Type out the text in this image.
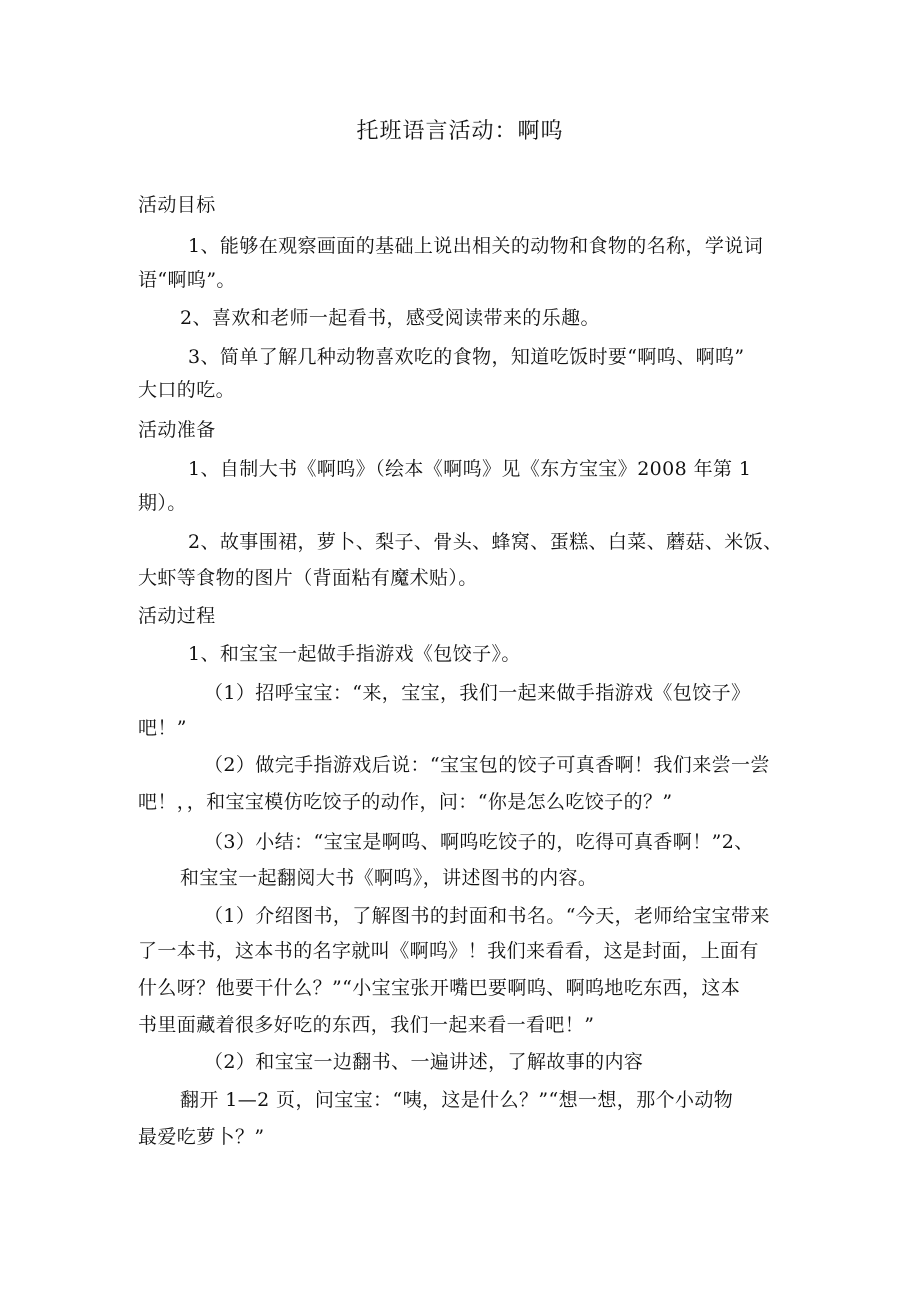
托班语言活动：啊呜
活动目标
1、能够在观察画面的基础上说出相关的动物和食物的名称，学说词
语“啊呜”。
2、喜欢和老师一起看书，感受阅读带来的乐趣。
3、简单了解几种动物喜欢吃的食物，知道吃饭时要“啊呜、啊呜”
大口的吃。
活动准备
1、自制大书《啊呜》（绘本《啊呜》见《东方宝宝》2008 年第 1
期）。
2、故事围裙，萝卜、梨子、骨头、蜂窝、蛋糕、白菜、蘑菇、米饭、
大虾等食物的图片（背面粘有魔术贴）。
活动过程
1、和宝宝一起做手指游戏《包饺子》。
（1）招呼宝宝：“来，宝宝，我们一起来做手指游戏《包饺子》
吧！”
（2）做完手指游戏后说：“宝宝包的饺子可真香啊！我们来尝一尝
吧！，，和宝宝模仿吃饺子的动作，问：“你是怎么吃饺子的？”
（3）小结：“宝宝是啊呜、啊呜吃饺子的，吃得可真香啊！”2、
和宝宝一起翻阅大书《啊呜》，讲述图书的内容。
（1）介绍图书，了解图书的封面和书名。“今天，老师给宝宝带来
了一本书，这本书的名字就叫《啊呜》！我们来看看，这是封面，上面有
什么呀？他要干什么？”“小宝宝张开嘴巴要啊呜、啊呜地吃东西，这本
书里面藏着很多好吃的东西，我们一起来看一看吧！”
（2）和宝宝一边翻书、一遍讲述，了解故事的内容
翻开 1—2 页，问宝宝：“咦，这是什么？”“想一想，那个小动物
最爱吃萝卜？”
